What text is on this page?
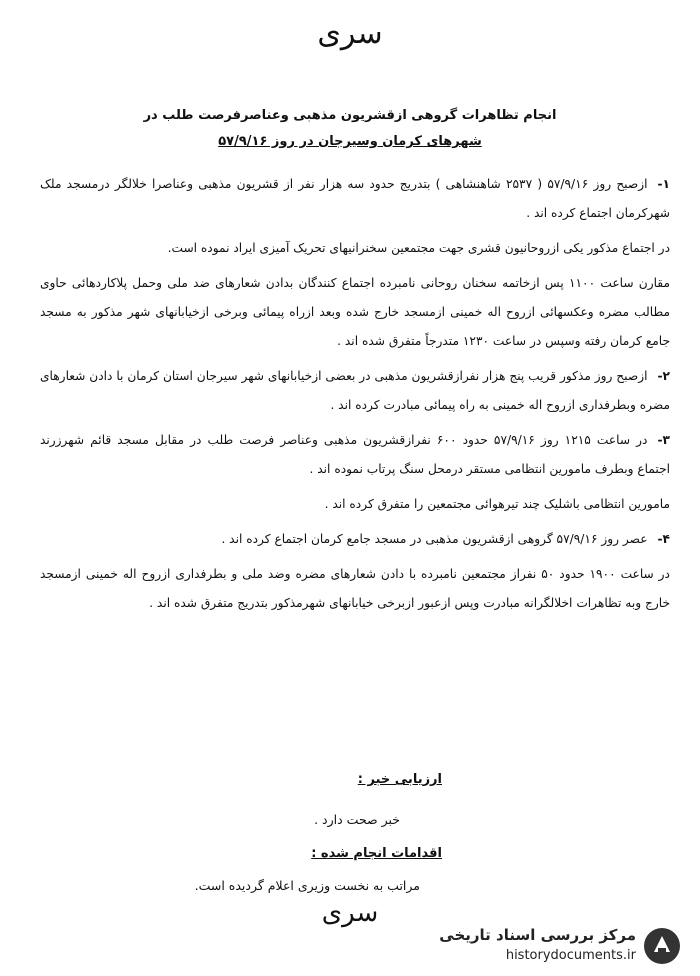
سری
انجام تظاهرات گروهی ازقشریون مذهبی وعناصرفرصت طلب در
شهرهای کرمان وسیرجان در روز ۵۷/۹/۱۶

۱-ازصبح روز ۵۷/۹/۱۶ ( ۲۵۳۷ شاهنشاهی ) بتدریج حدود سه هزار نفر از قشریون مذهبی وعناصرا خلالگر درمسجد ملک شهرکرمان اجتماع کرده اند .

در اجتماع مذکور یکی ازروحانیون قشری جهت مجتمعین سخنرانیهای تحریک آمیزی ایراد نموده است.

مقارن ساعت ۱۱۰۰ پس ازخاتمه سخنان روحانی نامبرده اجتماع کنندگان بدادن شعارهای ضد ملی وحمل پلاکاردهائی حاوی مطالب مضره وعکسهائی ازروح اله خمینی ازمسجد خارج شده وبعد ازراه پیمائی وبرخی ازخیابانهای شهر مذکور به مسجد جامع کرمان رفته وسپس در ساعت ۱۲۳۰ متدرجاً متفرق شده اند .

۲-ازصبح روز مذکور قریب پنج هزار نفرازقشریون مذهبی در بعضی ازخیابانهای شهر سیرجان استان کرمان با دادن شعارهای مضره وبطرفداری ازروح اله خمینی به راه پیمائی مبادرت کرده اند .

۳-در ساعت ۱۲۱۵ روز ۵۷/۹/۱۶ حدود ۶۰۰ نفرازقشریون مذهبی وعناصر فرصت طلب در مقابل مسجد قائم شهرزرند اجتماع وبطرف مامورین انتظامی مستقر درمحل سنگ پرتاب نموده اند .

مامورین انتظامی باشلیک چند تیرهوائی مجتمعین را متفرق کرده اند .

۴-عصر روز ۵۷/۹/۱۶ گروهی ازقشریون مذهبی در مسجد جامع کرمان اجتماع کرده اند .

در ساعت ۱۹۰۰ حدود ۵۰ نفراز مجتمعین نامبرده با دادن شعارهای مضره وضد ملی و بطرفداری ازروح اله خمینی ازمسجد خارج وبه تظاهرات اخلالگرانه مبادرت وپس ازعبور ازبرخی خیابانهای شهرمذکور بتدریج متفرق شده اند .

ارزیابی خبر :
خبر صحت دارد .
اقدامات انجام شده :
مراتب به نخست وزیری اعلام گردیده است.
سری
مرکز بررسی اسناد تاریخی
historydocuments.ir
